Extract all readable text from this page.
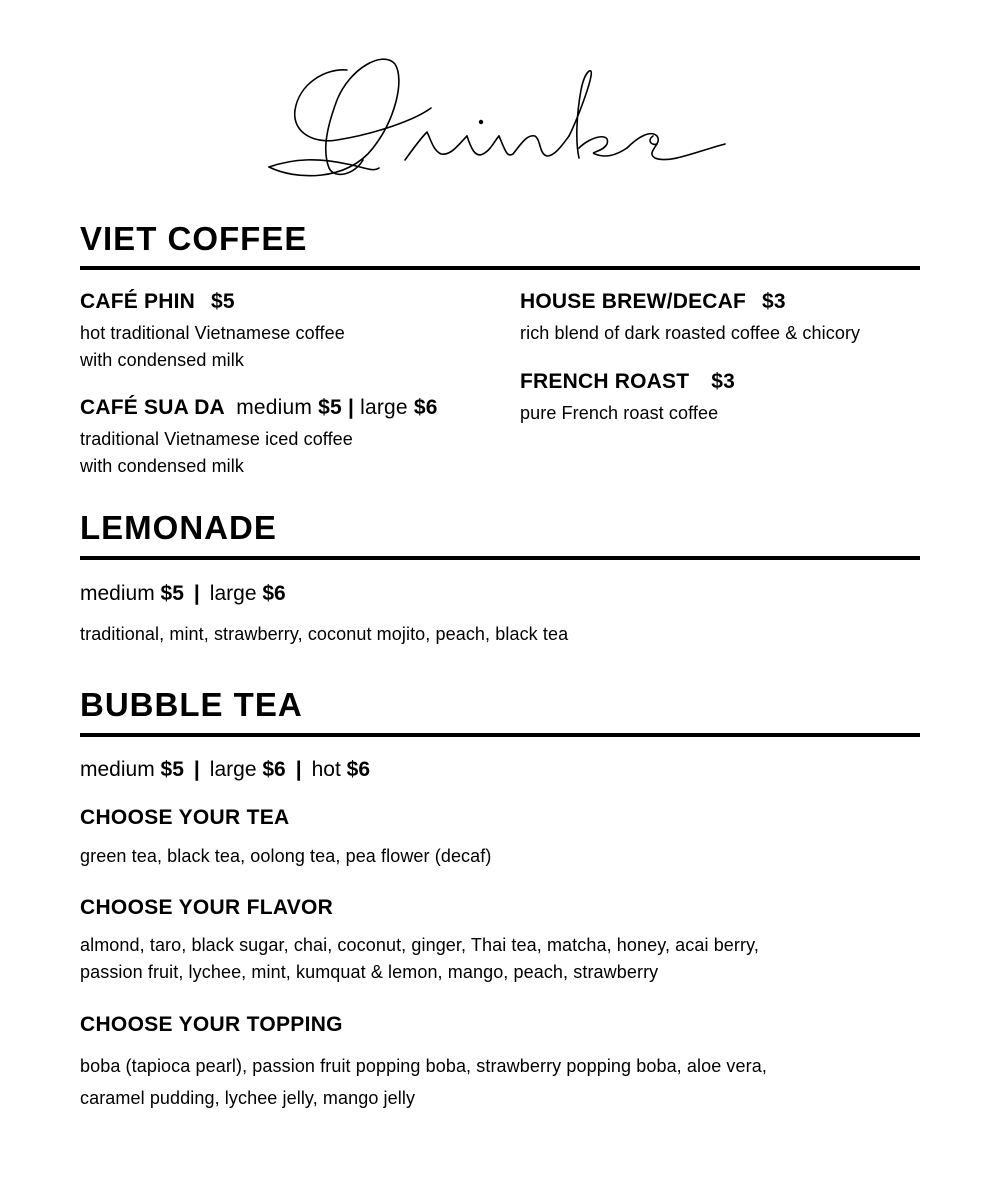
VIET COFFEE
CAFÉ PHIN $5
hot traditional Vietnamese coffee
with condensed milk
CAFÉ SUA DA medium $5 | large $6
traditional Vietnamese iced coffee
with condensed milk
HOUSE BREW/DECAF $3
rich blend of dark roasted coffee & chicory
FRENCH ROAST $3
pure French roast coffee
LEMONADE
medium $5 | large $6
traditional, mint, strawberry, coconut mojito, peach, black tea
BUBBLE TEA
medium $5 | large $6 | hot $6
CHOOSE YOUR TEA
green tea, black tea, oolong tea, pea flower (decaf)
CHOOSE YOUR FLAVOR
almond, taro, black sugar, chai, coconut, ginger, Thai tea, matcha, honey, acai berry,
passion fruit, lychee, mint, kumquat & lemon, mango, peach, strawberry
CHOOSE YOUR TOPPING
boba (tapioca pearl), passion fruit popping boba, strawberry popping boba, aloe vera,
caramel pudding, lychee jelly, mango jelly
